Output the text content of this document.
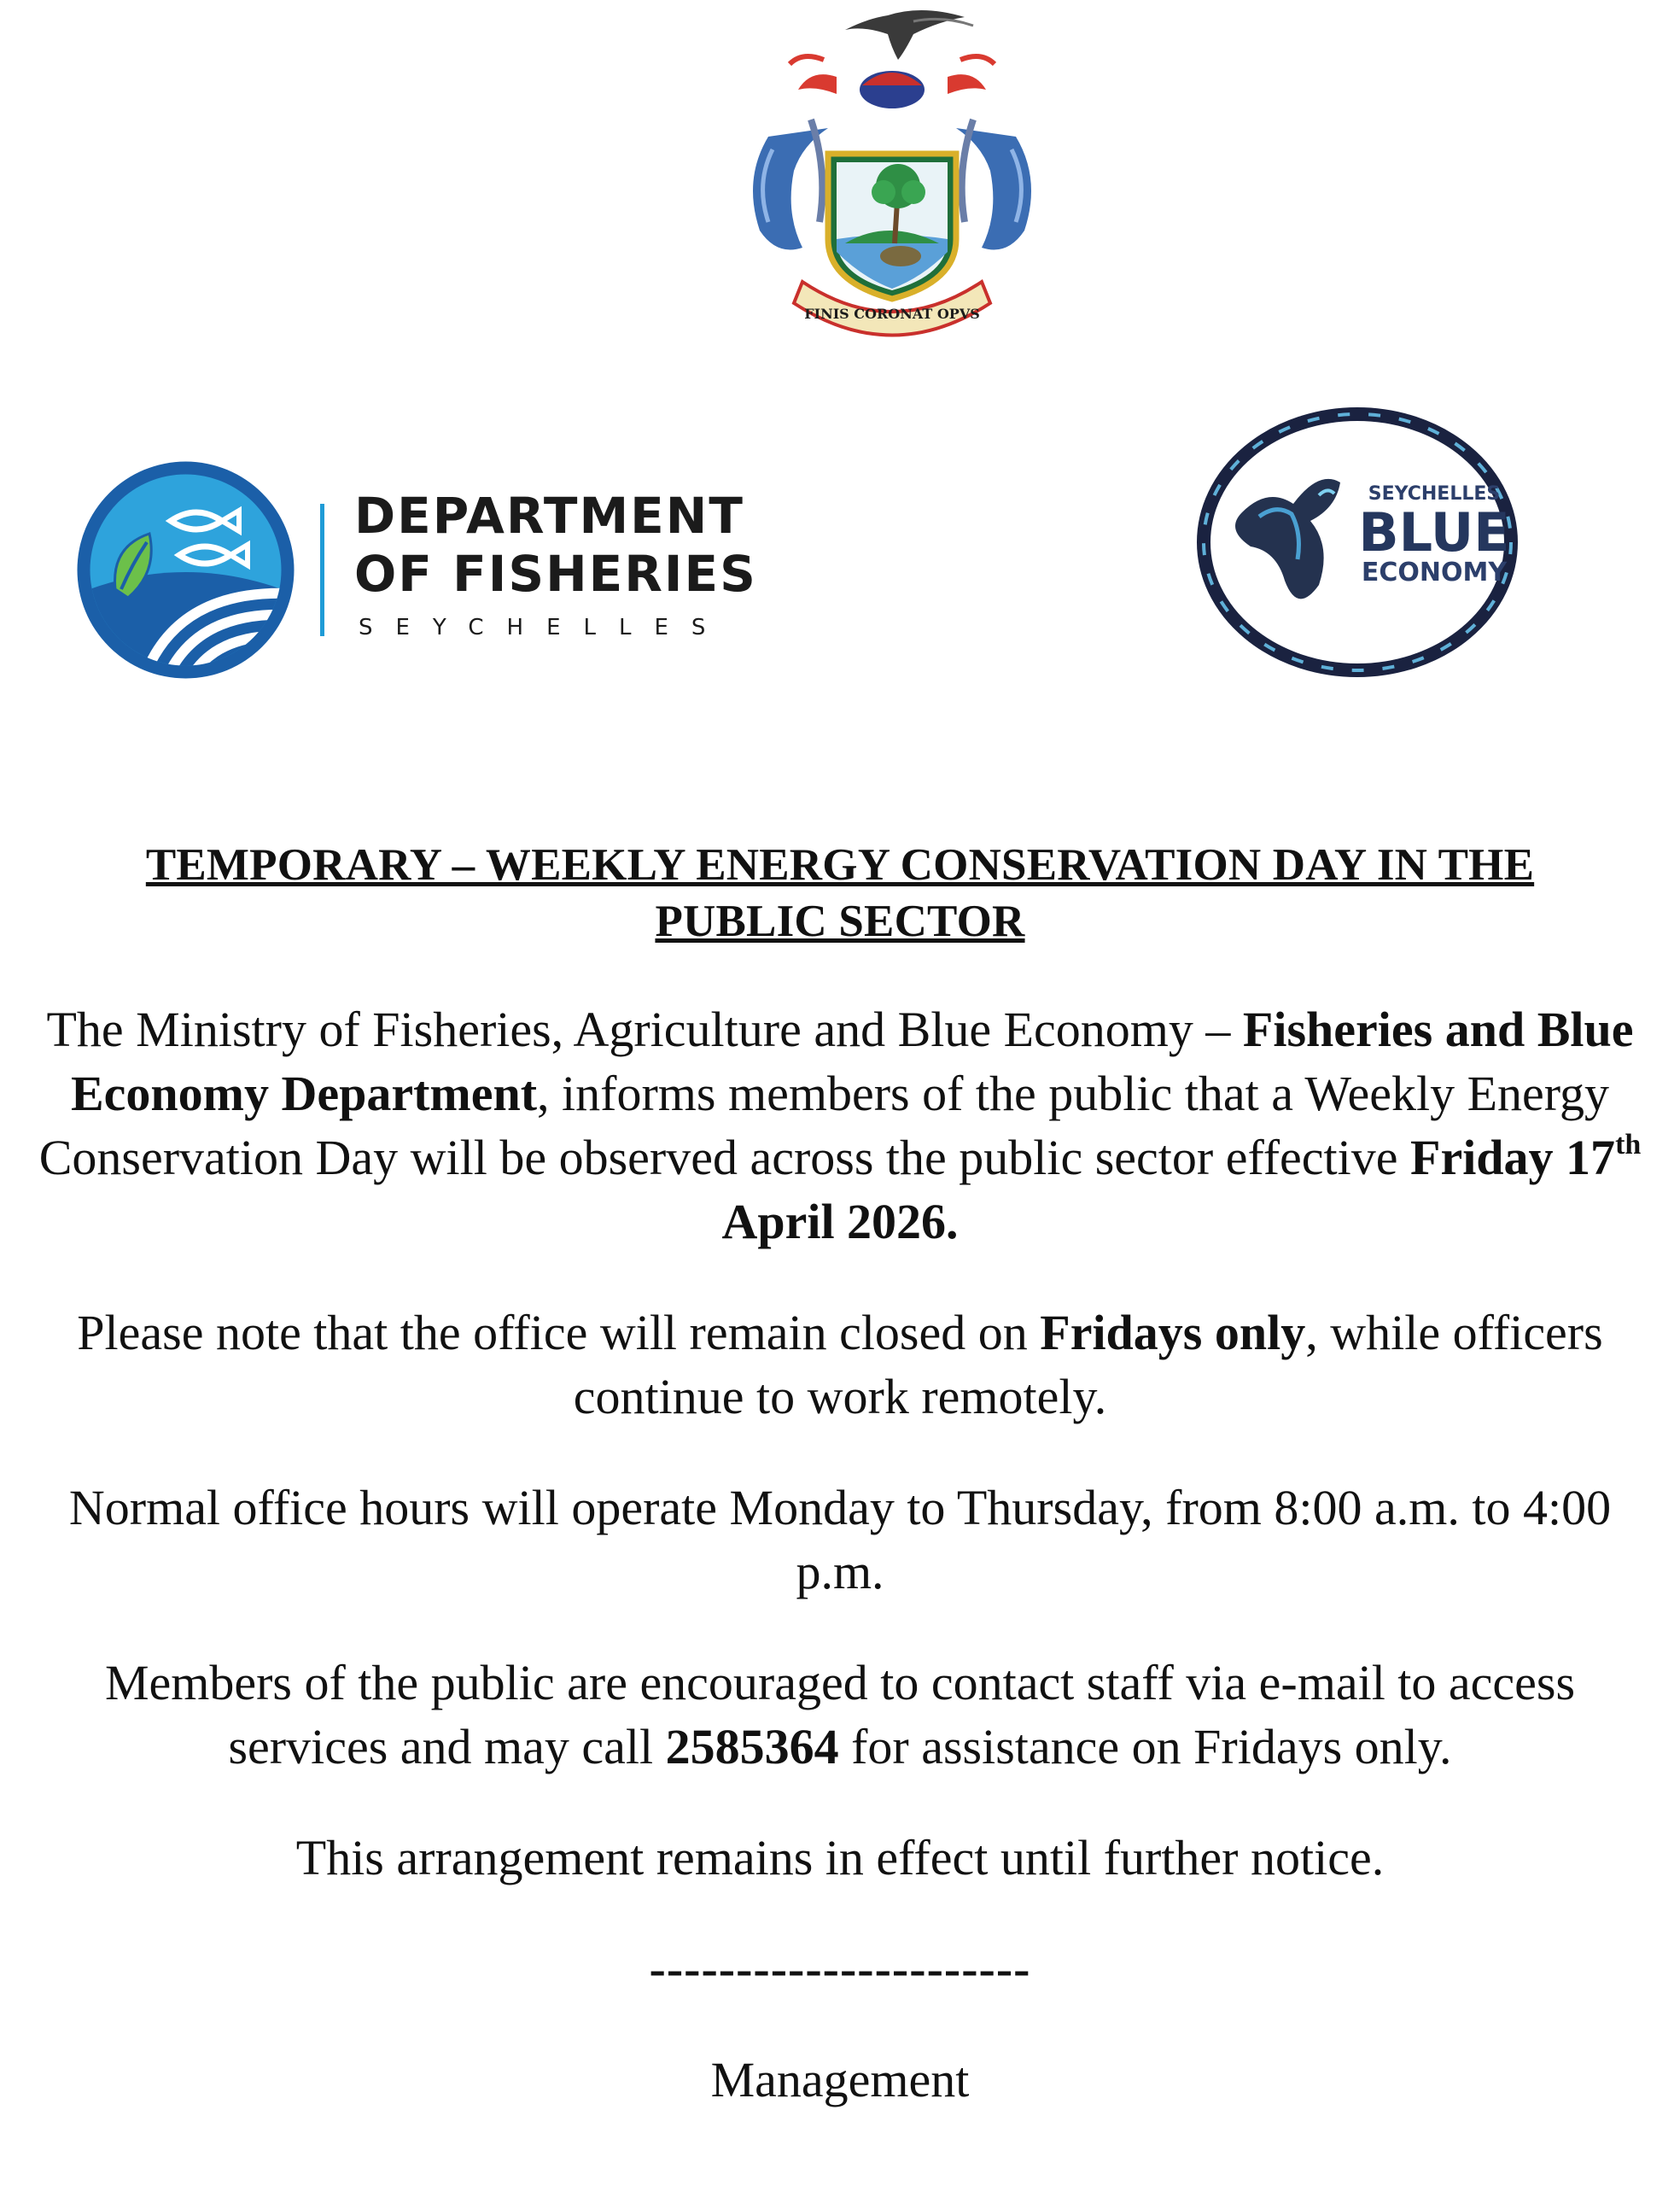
FINIS CORONAT OPVS
DEPARTMENT
OF FISHERIES
SEYCHELLES
SEYCHELLES
BLUE
ECONOMY
TEMPORARY – WEEKLY ENERGY CONSERVATION DAY IN THE
PUBLIC SECTOR
The Ministry of Fisheries, Agriculture and Blue Economy – Fisheries and Blue Economy Department, informs members of the public that a Weekly Energy Conservation Day will be observed across the public sector effective Friday 17th April 2026.
Please note that the office will remain closed on Fridays only, while officers continue to work remotely.
Normal office hours will operate Monday to Thursday, from 8:00 a.m. to 4:00 p.m.
Members of the public are encouraged to contact staff via e-mail to access services and may call 2585364 for assistance on Fridays only.
This arrangement remains in effect until further notice.
----------------------
Management
